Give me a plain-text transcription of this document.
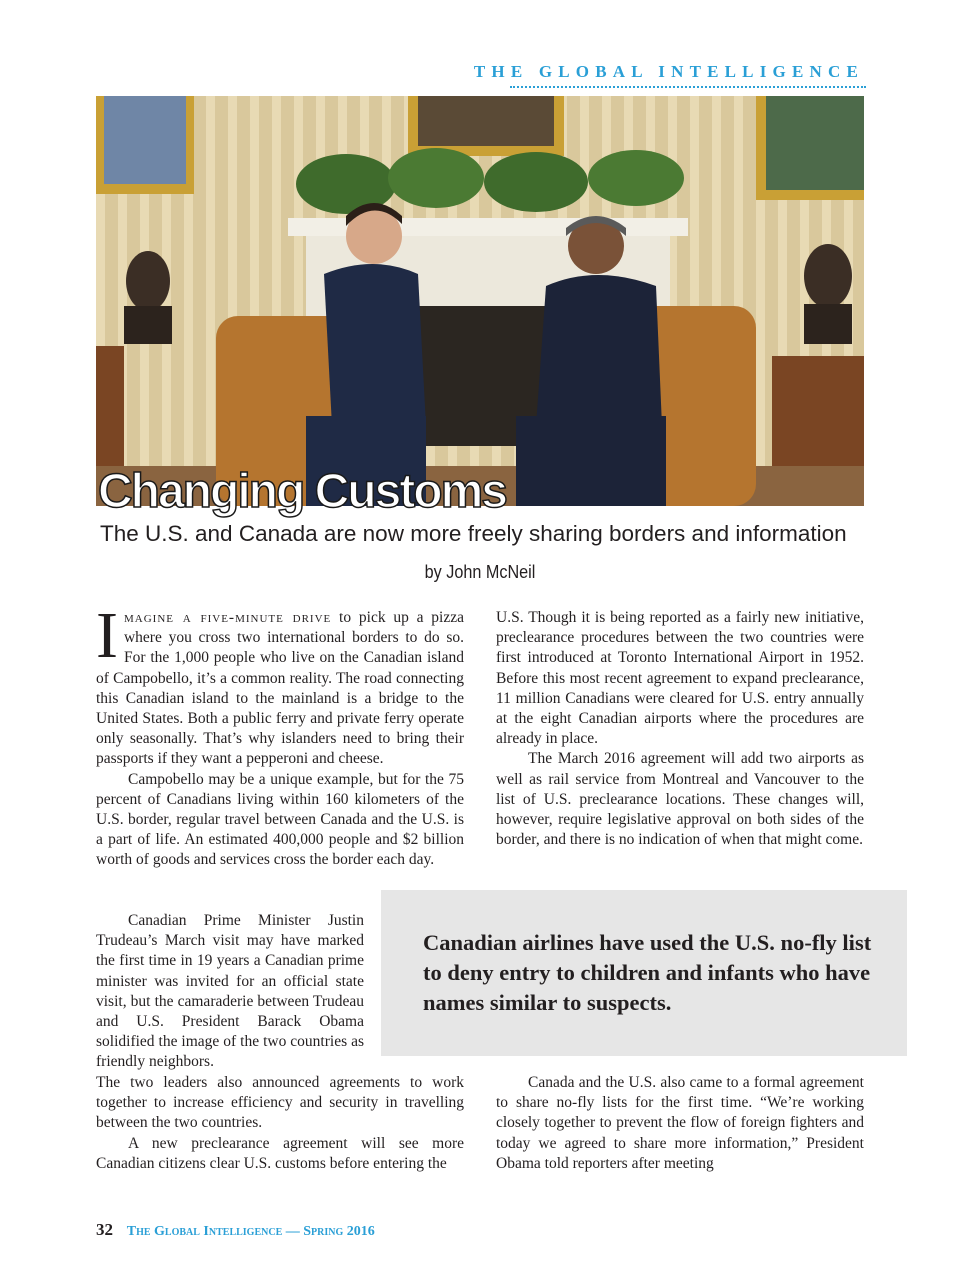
THE GLOBAL INTELLIGENCE
Changing Customs
The U.S. and Canada are now more freely sharing borders and information
by John McNeil

Imagine a five-minute drive to pick up a pizza where you cross two international borders to do so. For the 1,000 people who live on the Canadian island of Campobello, it’s a common reality. The road connecting this Canadian island to the mainland is a bridge to the United States. Both a public ferry and private ferry operate only seasonally. That’s why islanders need to bring their passports if they want a pepperoni and cheese.

Campobello may be a unique example, but for the 75 percent of Canadians living within 160 kilometers of the U.S. border, regular travel between Canada and the U.S. is a part of life. An estimated 400,000 people and $2 billion worth of goods and services cross the border each day.

Canadian Prime Minister Justin Trudeau’s March visit may have marked the first time in 19 years a Canadian prime minister was invited for an official state visit, but the camaraderie between Trudeau and U.S. President Barack Obama solidified the image of the two countries as friendly neighbors.

The two leaders also announced agreements to work together to increase efficiency and security in travelling between the two countries.

A new preclearance agreement will see more Canadian citizens clear U.S. customs before entering the

U.S. Though it is being reported as a fairly new initiative, preclearance procedures between the two countries were first introduced at Toronto International Airport in 1952. Before this most recent agreement to expand preclearance, 11 million Canadians were cleared for U.S. entry annually at the eight Canadian airports where the procedures are already in place.

The March 2016 agreement will add two airports as well as rail service from Montreal and Vancouver to the list of U.S. preclearance locations. These changes will, however, require legislative approval on both sides of the border, and there is no indication of when that might come.

Canadian airlines have used the U.S. no-fly list to deny entry to children and infants who have names similar to suspects.

Canada and the U.S. also came to a formal agreement to share no-fly lists for the first time. “We’re working closely together to prevent the flow of foreign fighters and today we agreed to share more information,” President Obama told reporters after meeting

32 The Global Intelligence — Spring 2016
